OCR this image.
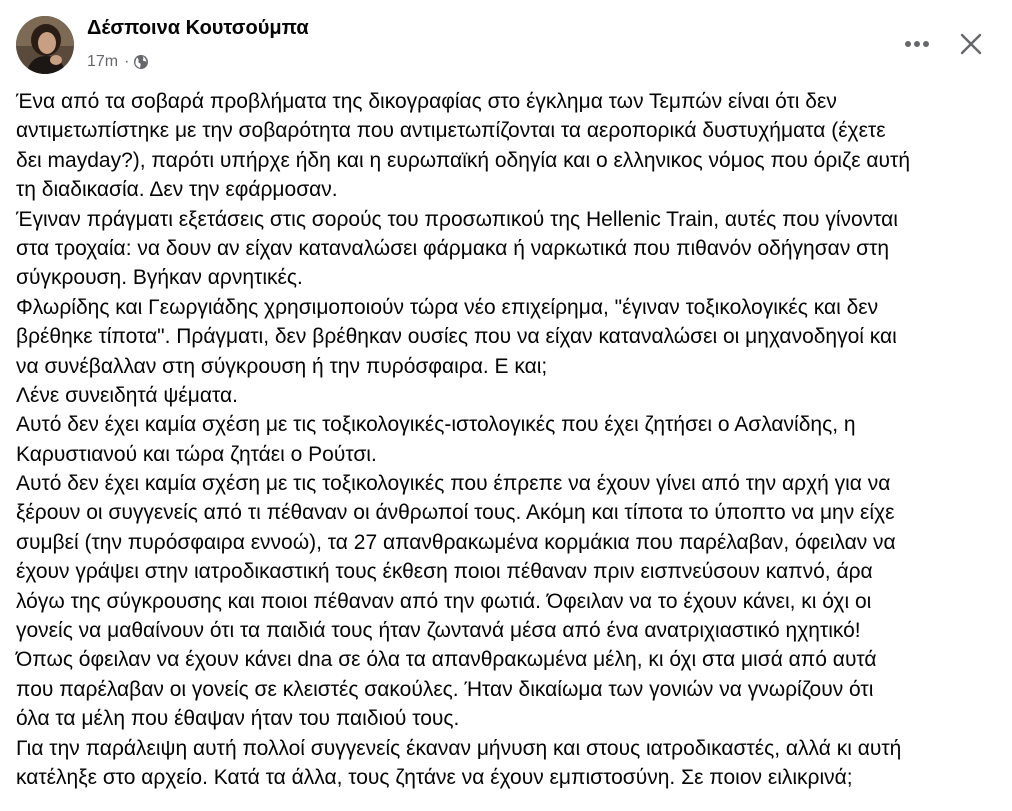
Δέσποινα Κουτσούμπα
17m ·
Ένα από τα σοβαρά προβλήματα της δικογραφίας στο έγκλημα των Τεμπών είναι ότι δεν
αντιμετωπίστηκε με την σοβαρότητα που αντιμετωπίζονται τα αεροπορικά δυστυχήματα (έχετε
δει mayday?), παρότι υπήρχε ήδη και η ευρωπαϊκή οδηγία και ο ελληνικος νόμος που όριζε αυτή
τη διαδικασία. Δεν την εφάρμοσαν.
Έγιναν πράγματι εξετάσεις στις σορούς του προσωπικού της Hellenic Train, αυτές που γίνονται
στα τροχαία: να δουν αν είχαν καταναλώσει φάρμακα ή ναρκωτικά που πιθανόν οδήγησαν στη
σύγκρουση. Βγήκαν αρνητικές.
Φλωρίδης και Γεωργιάδης χρησιμοποιούν τώρα νέο επιχείρημα, "έγιναν τοξικολογικές και δεν
βρέθηκε τίποτα". Πράγματι, δεν βρέθηκαν ουσίες που να είχαν καταναλώσει οι μηχανοδηγοί και
να συνέβαλλαν στη σύγκρουση ή την πυρόσφαιρα. Ε και;
Λένε συνειδητά ψέματα.
Αυτό δεν έχει καμία σχέση με τις τοξικολογικές-ιστολογικές που έχει ζητήσει ο Ασλανίδης, η
Καρυστιανού και τώρα ζητάει ο Ρούτσι.
Αυτό δεν έχει καμία σχέση με τις τοξικολογικές που έπρεπε να έχουν γίνει από την αρχή για να
ξέρουν οι συγγενείς από τι πέθαναν οι άνθρωποί τους. Ακόμη και τίποτα το ύποπτο να μην είχε
συμβεί (την πυρόσφαιρα εννοώ), τα 27 απανθρακωμένα κορμάκια που παρέλαβαν, όφειλαν να
έχουν γράψει στην ιατροδικαστική τους έκθεση ποιοι πέθαναν πριν εισπνεύσουν καπνό, άρα
λόγω της σύγκρουσης και ποιοι πέθαναν από την φωτιά. Όφειλαν να το έχουν κάνει, κι όχι οι
γονείς να μαθαίνουν ότι τα παιδιά τους ήταν ζωντανά μέσα από ένα ανατριχιαστικό ηχητικό!
Όπως όφειλαν να έχουν κάνει dna σε όλα τα απανθρακωμένα μέλη, κι όχι στα μισά από αυτά
που παρέλαβαν οι γονείς σε κλειστές σακούλες. Ήταν δικαίωμα των γονιών να γνωρίζουν ότι
όλα τα μέλη που έθαψαν ήταν του παιδιού τους.
Για την παράλειψη αυτή πολλοί συγγενείς έκαναν μήνυση και στους ιατροδικαστές, αλλά κι αυτή
κατέληξε στο αρχείο. Κατά τα άλλα, τους ζητάνε να έχουν εμπιστοσύνη. Σε ποιον ειλικρινά;
